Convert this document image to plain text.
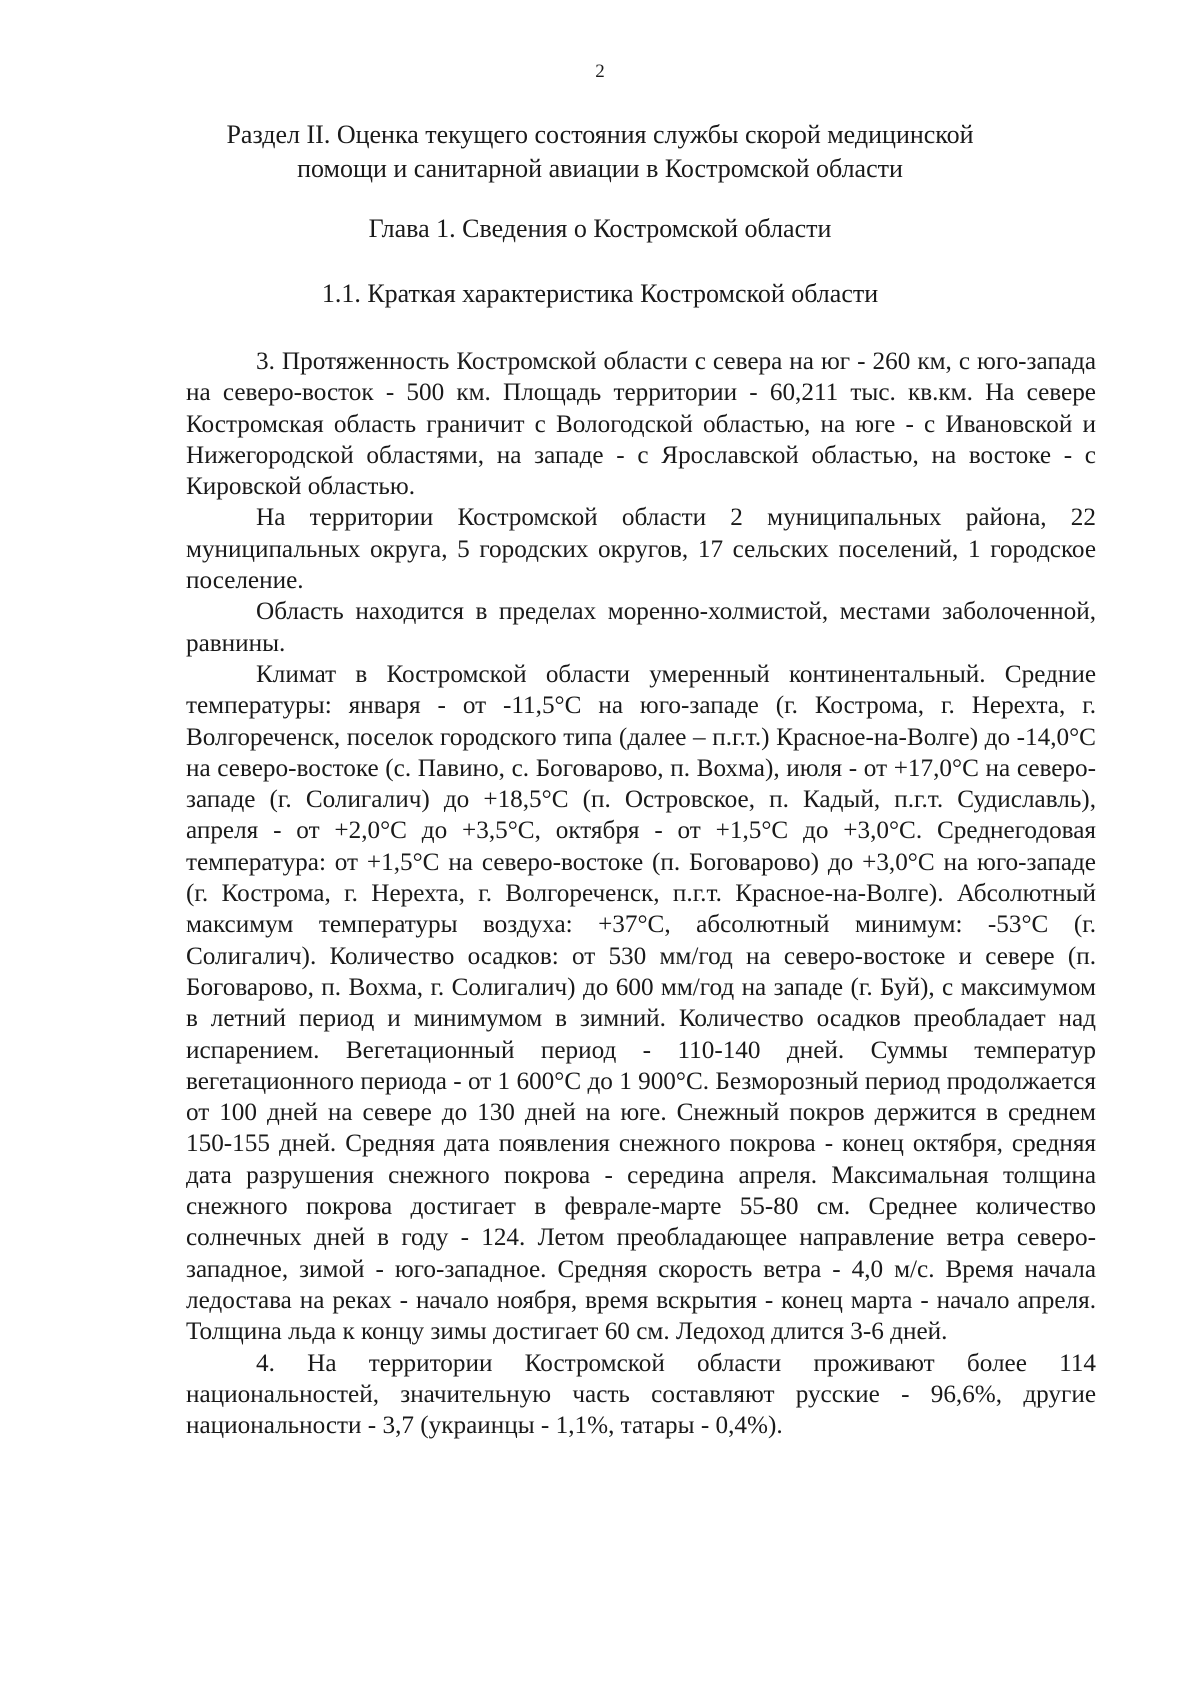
2
Раздел II. Оценка текущего состояния службы скорой медицинской
помощи и санитарной авиации в Костромской области
Глава 1. Сведения о Костромской области
1.1. Краткая характеристика Костромской области

3. Протяженность Костромской области с севера на юг - 260 км, с юго-запада на северо-восток - 500 км. Площадь территории - 60,211 тыс. кв.км. На севере Костромская область граничит с Вологодской областью, на юге - с Ивановской и Нижегородской областями, на западе - с Ярославской областью, на востоке - с Кировской областью.

На территории Костромской области 2 муниципальных района, 22 муниципальных округа, 5 городских округов, 17 сельских поселений, 1 городское поселение.

Область находится в пределах моренно-холмистой, местами заболоченной, равнины.

Климат в Костромской области умеренный континентальный. Средние температуры: января - от -11,5°С на юго-западе (г. Кострома, г. Нерехта, г. Волгореченск, поселок городского типа (далее – п.г.т.) Красное-на-Волге) до -14,0°С на северо-востоке (с. Павино, с. Боговарово, п. Вохма), июля - от +17,0°С на северо-западе (г. Солигалич) до +18,5°С (п. Островское, п. Кадый, п.г.т. Судиславль), апреля - от +2,0°С до +3,5°С, октября - от +1,5°С до +3,0°С. Среднегодовая температура: от +1,5°С на северо-востоке (п. Боговарово) до +3,0°С на юго-западе (г. Кострома, г. Нерехта, г. Волгореченск, п.г.т. Красное-на-Волге). Абсолютный максимум температуры воздуха: +37°С, абсолютный минимум: -53°С (г. Солигалич). Количество осадков: от 530 мм/год на северо-востоке и севере (п. Боговарово, п. Вохма, г. Солигалич) до 600 мм/год на западе (г. Буй), с максимумом в летний период и минимумом в зимний. Количество осадков преобладает над испарением. Вегетационный период - 110-140 дней. Суммы температур вегетационного периода - от 1 600°С до 1 900°С. Безморозный период продолжается от 100 дней на севере до 130 дней на юге. Снежный покров держится в среднем 150-155 дней. Средняя дата появления снежного покрова - конец октября, средняя дата разрушения снежного покрова - середина апреля. Максимальная толщина снежного покрова достигает в феврале-марте 55-80 см. Среднее количество солнечных дней в году - 124. Летом преобладающее направление ветра северо-западное, зимой - юго-западное. Средняя скорость ветра - 4,0 м/с. Время начала ледостава на реках - начало ноября, время вскрытия - конец марта - начало апреля. Толщина льда к концу зимы достигает 60 см. Ледоход длится 3-6 дней.

4. На территории Костромской области проживают более 114 национальностей, значительную часть составляют русские - 96,6%, другие национальности - 3,7 (украинцы - 1,1%, татары - 0,4%).
